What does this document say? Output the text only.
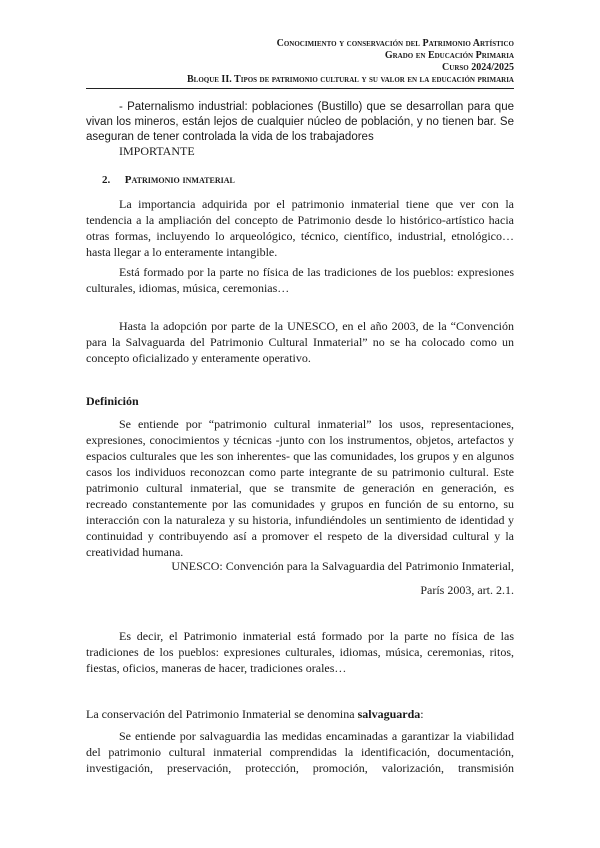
Conocimiento y conservación del Patrimonio Artístico
Grado en Educación Primaria
Curso 2024/2025
Bloque II. Tipos de patrimonio cultural y su valor en la educación primaria
- Paternalismo industrial: poblaciones (Bustillo) que se desarrollan para que vivan los mineros, están lejos de cualquier núcleo de población, y no tienen bar. Se aseguran de tener controlada la vida de los trabajadores
IMPORTANTE
2. Patrimonio inmaterial
La importancia adquirida por el patrimonio inmaterial tiene que ver con la tendencia a la ampliación del concepto de Patrimonio desde lo histórico-artístico hacia otras formas, incluyendo lo arqueológico, técnico, científico, industrial, etnológico… hasta llegar a lo enteramente intangible.
Está formado por la parte no física de las tradiciones de los pueblos: expresiones culturales, idiomas, música, ceremonias…
Hasta la adopción por parte de la UNESCO, en el año 2003, de la “Convención para la Salvaguarda del Patrimonio Cultural Inmaterial” no se ha colocado como un concepto oficializado y enteramente operativo.
Definición
Se entiende por “patrimonio cultural inmaterial” los usos, representaciones, expresiones, conocimientos y técnicas -junto con los instrumentos, objetos, artefactos y espacios culturales que les son inherentes- que las comunidades, los grupos y en algunos casos los individuos reconozcan como parte integrante de su patrimonio cultural. Este patrimonio cultural inmaterial, que se transmite de generación en generación, es recreado constantemente por las comunidades y grupos en función de su entorno, su interacción con la naturaleza y su historia, infundiéndoles un sentimiento de identidad y continuidad y contribuyendo así a promover el respeto de la diversidad cultural y la creatividad humana.
UNESCO: Convención para la Salvaguardia del Patrimonio Inmaterial,
París 2003, art. 2.1.
Es decir, el Patrimonio inmaterial está formado por la parte no física de las tradiciones de los pueblos: expresiones culturales, idiomas, música, ceremonias, ritos, fiestas, oficios, maneras de hacer, tradiciones orales…
La conservación del Patrimonio Inmaterial se denomina salvaguarda:
Se entiende por salvaguardia las medidas encaminadas a garantizar la viabilidad del patrimonio cultural inmaterial comprendidas la identificación, documentación, investigación, preservación, protección, promoción, valorización, transmisión
